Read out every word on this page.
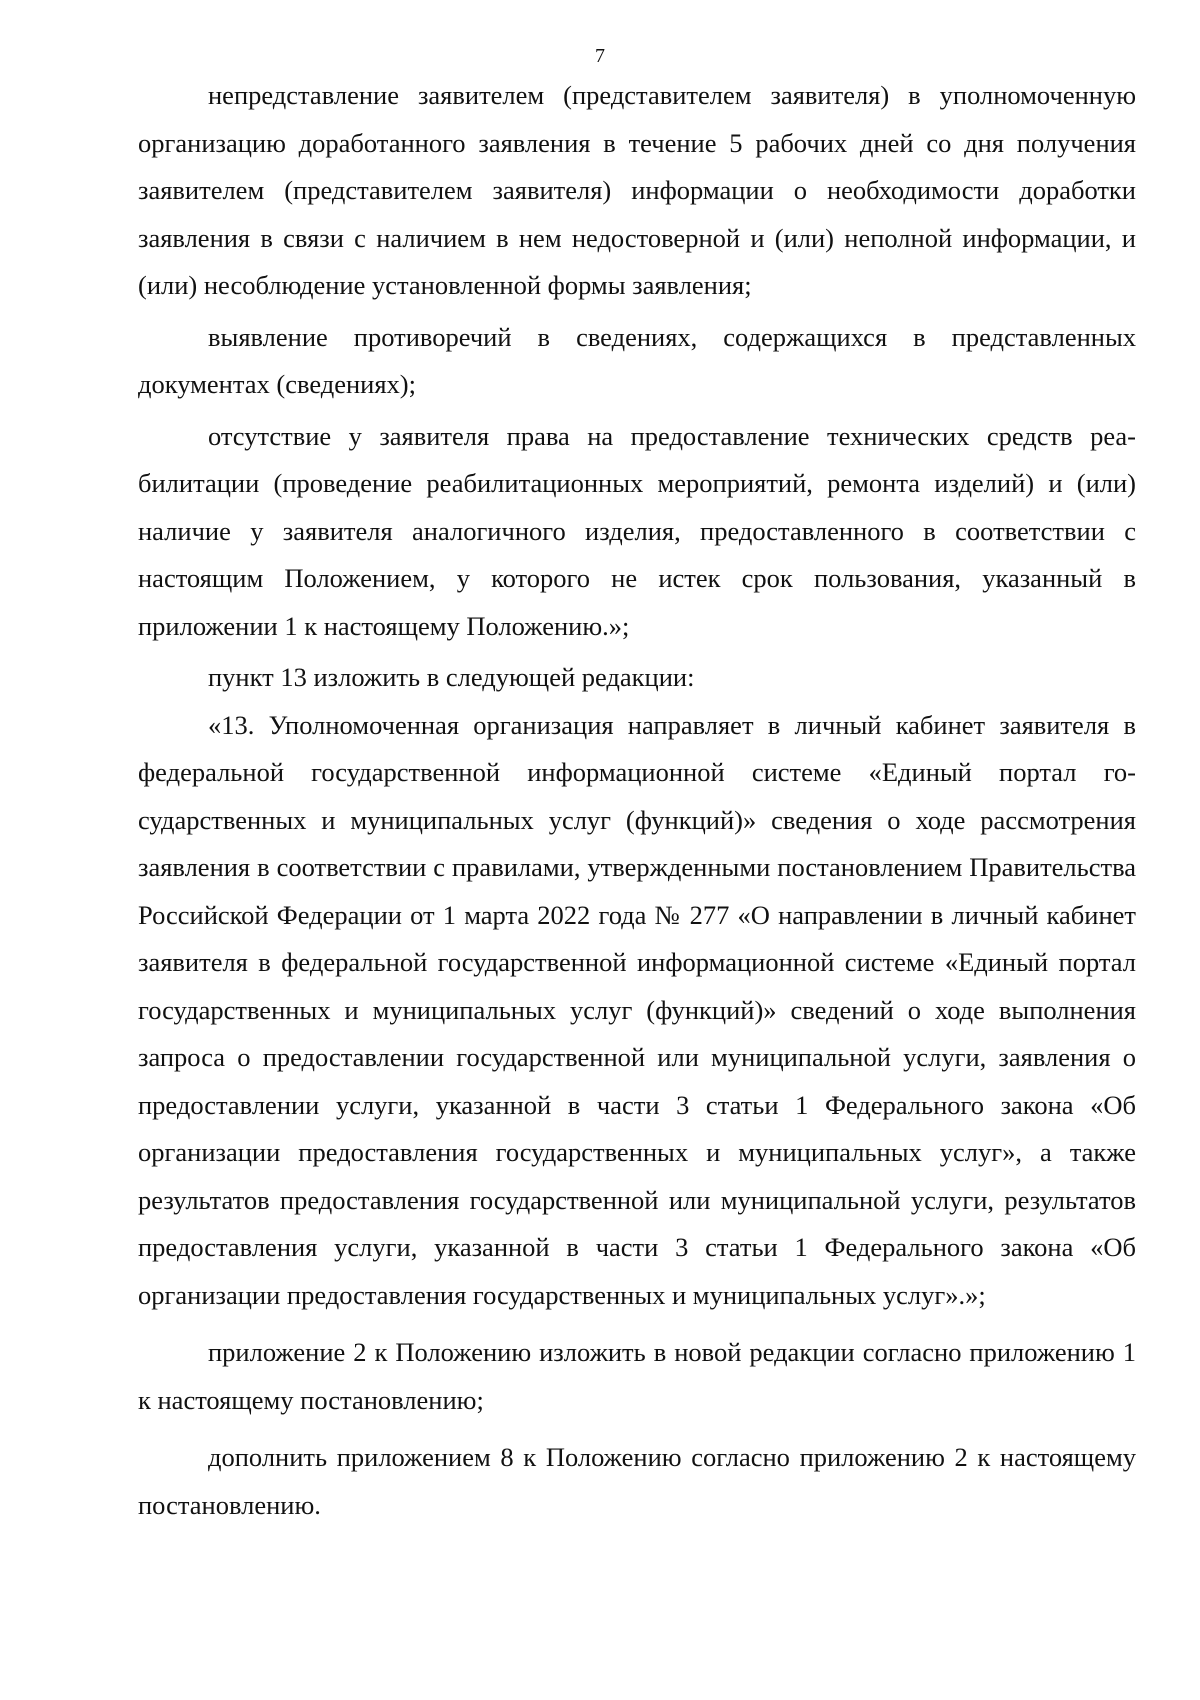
7

непредставление заявителем (представителем заявителя) в уполномоченную организацию доработанного заявления в течение 5 рабочих дней со дня получения заявителем (представителем заявителя) информации о необходимости доработки заявления в связи с наличием в нем недостоверной и (или) неполной информации, и (или) несоблюдение установленной формы заявления;

выявление противоречий в сведениях, содержащихся в представленных документах (сведениях);

отсутствие у заявителя права на предоставление технических средств реабилитации (проведение реабилитационных мероприятий, ремонта изделий) и (или) наличие у заявителя аналогичного изделия, предоставленного в соответствии с настоящим Положением, у которого не истек срок пользования, указанный в приложении 1 к настоящему Положению.»;

пункт 13 изложить в следующей редакции:

«13. Уполномоченная организация направляет в личный кабинет заявителя в федеральной государственной информационной системе «Единый портал государственных и муниципальных услуг (функций)» сведения о ходе рассмотрения заявления в соответствии с правилами, утвержденными постановлением Правительства Российской Федерации от 1 марта 2022 года № 277 «О направлении в личный кабинет заявителя в федеральной государственной информационной системе «Единый портал государственных и муниципальных услуг (функций)» сведений о ходе выполнения запроса о предоставлении государственной или муниципальной услуги, заявления о предоставлении услуги, указанной в части 3 статьи 1 Федерального закона «Об организации предоставления государственных и муниципальных услуг», а также результатов предоставления государственной или муниципальной услуги, результатов предоставления услуги, указанной в части 3 статьи 1 Федерального закона «Об организации предоставления государственных и муниципальных услуг».»;

приложение 2 к Положению изложить в новой редакции согласно приложению 1 к настоящему постановлению;

дополнить приложением 8 к Положению согласно приложению 2 к настоящему постановлению.
